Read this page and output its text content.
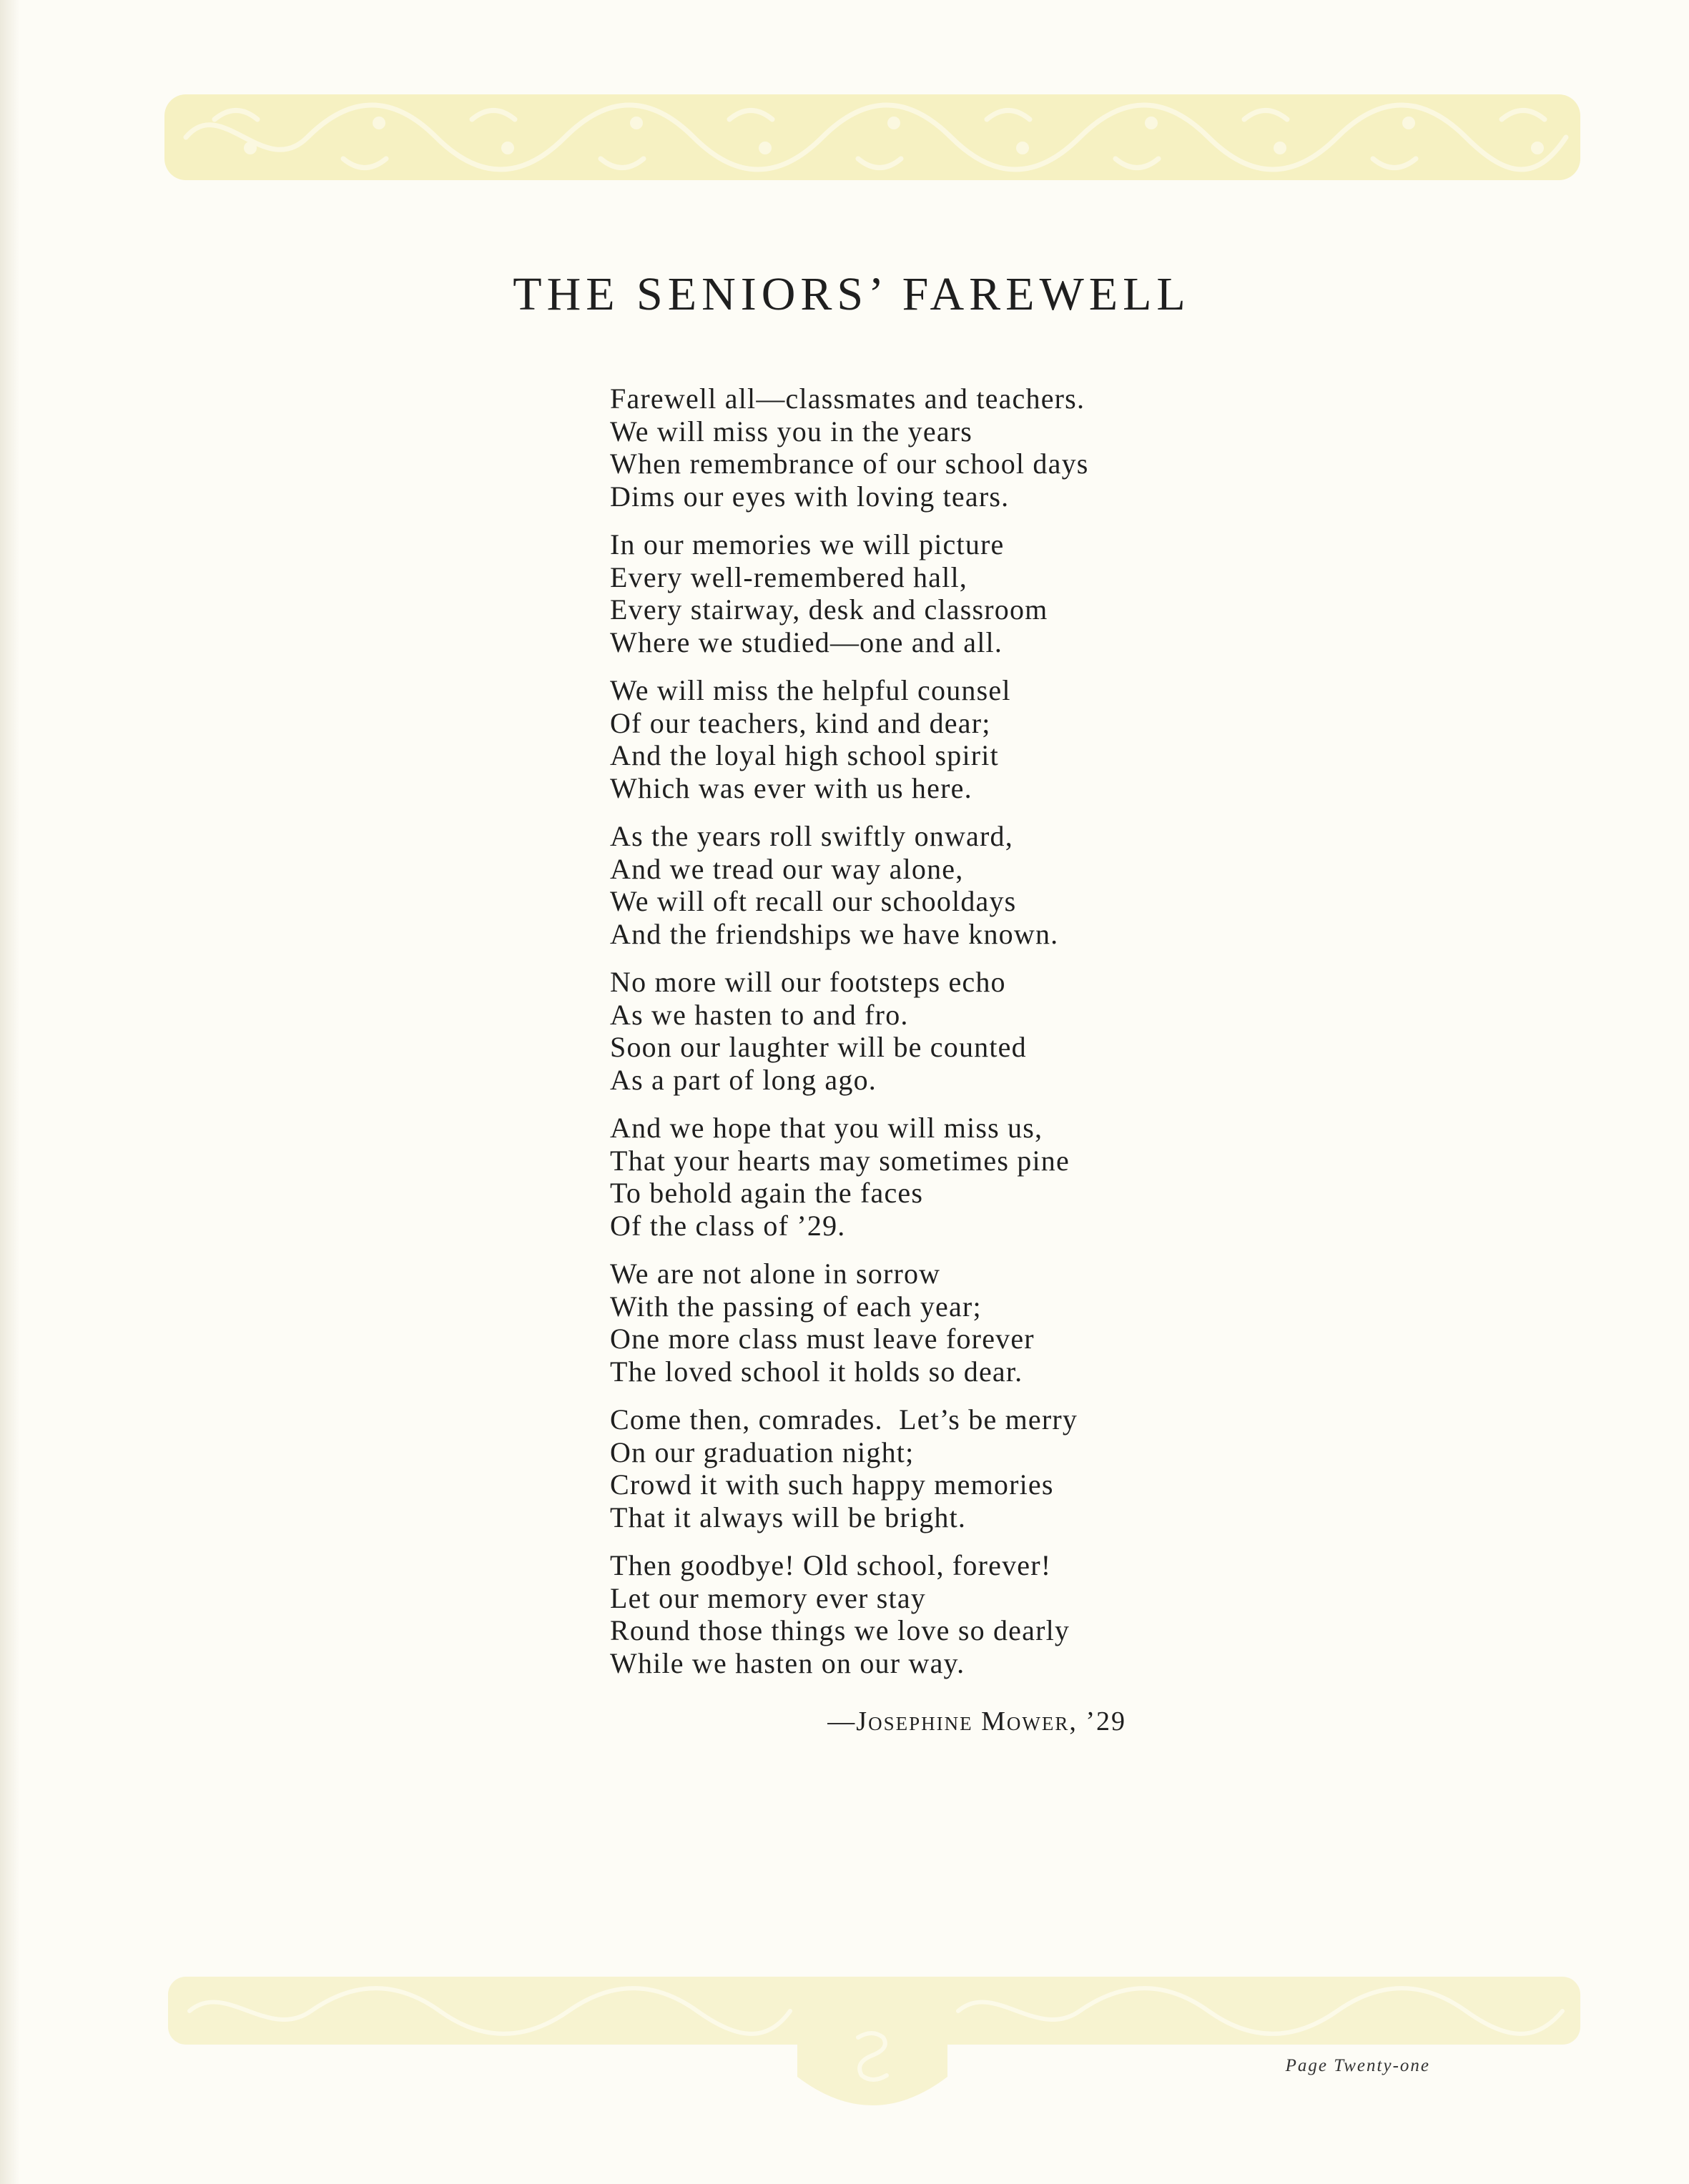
THE SENIORS’ FAREWELL
Farewell all—classmates and teachers.
We will miss you in the years
When remembrance of our school days
Dims our eyes with loving tears.
In our memories we will picture
Every well-remembered hall,
Every stairway, desk and classroom
Where we studied—one and all.
We will miss the helpful counsel
Of our teachers, kind and dear;
And the loyal high school spirit
Which was ever with us here.
As the years roll swiftly onward,
And we tread our way alone,
We will oft recall our schooldays
And the friendships we have known.
No more will our footsteps echo
As we hasten to and fro.
Soon our laughter will be counted
As a part of long ago.
And we hope that you will miss us,
That your hearts may sometimes pine
To behold again the faces
Of the class of ’29.
We are not alone in sorrow
With the passing of each year;
One more class must leave forever
The loved school it holds so dear.
Come then, comrades.  Let’s be merry
On our graduation night;
Crowd it with such happy memories
That it always will be bright.
Then goodbye! Old school, forever!
Let our memory ever stay
Round those things we love so dearly
While we hasten on our way.
—Josephine Mower, ’29
Page Twenty-one
